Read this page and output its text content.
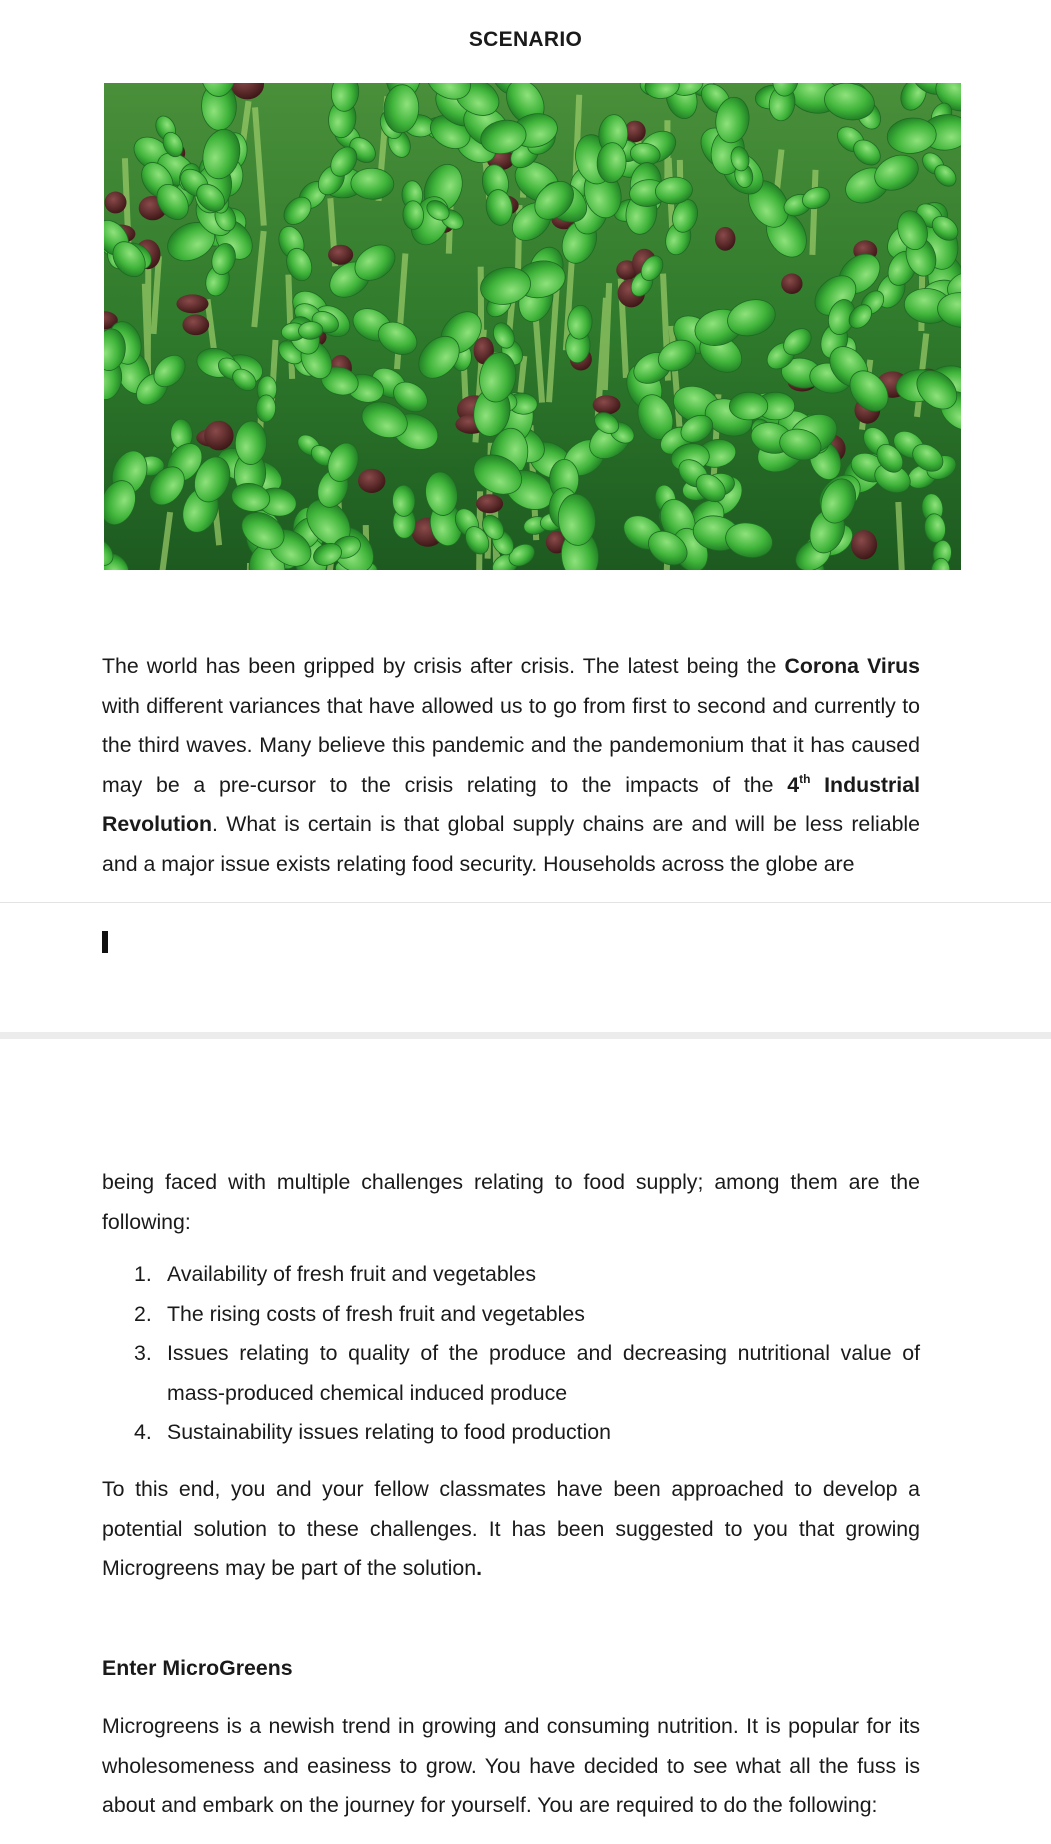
SCENARIO

The world has been gripped by crisis after crisis. The latest being the Corona Virus with different variances that have allowed us to go from first to second and currently to the third waves. Many believe this pandemic and the pandemonium that it has caused may be a pre-cursor to the crisis relating to the impacts of the 4th Industrial Revolution. What is certain is that global supply chains are and will be less reliable and a major issue exists relating food security. Households across the globe are

being faced with multiple challenges relating to food supply; among them are the following:

1. Availability of fresh fruit and vegetables
2. The rising costs of fresh fruit and vegetables
3. Issues relating to quality of the produce and decreasing nutritional value of mass-produced chemical induced produce
4. Sustainability issues relating to food production

To this end, you and your fellow classmates have been approached to develop a potential solution to these challenges. It has been suggested to you that growing Microgreens may be part of the solution.

Enter MicroGreens

Microgreens is a newish trend in growing and consuming nutrition. It is popular for its wholesomeness and easiness to grow. You have decided to see what all the fuss is about and embark on the journey for yourself. You are required to do the following:
